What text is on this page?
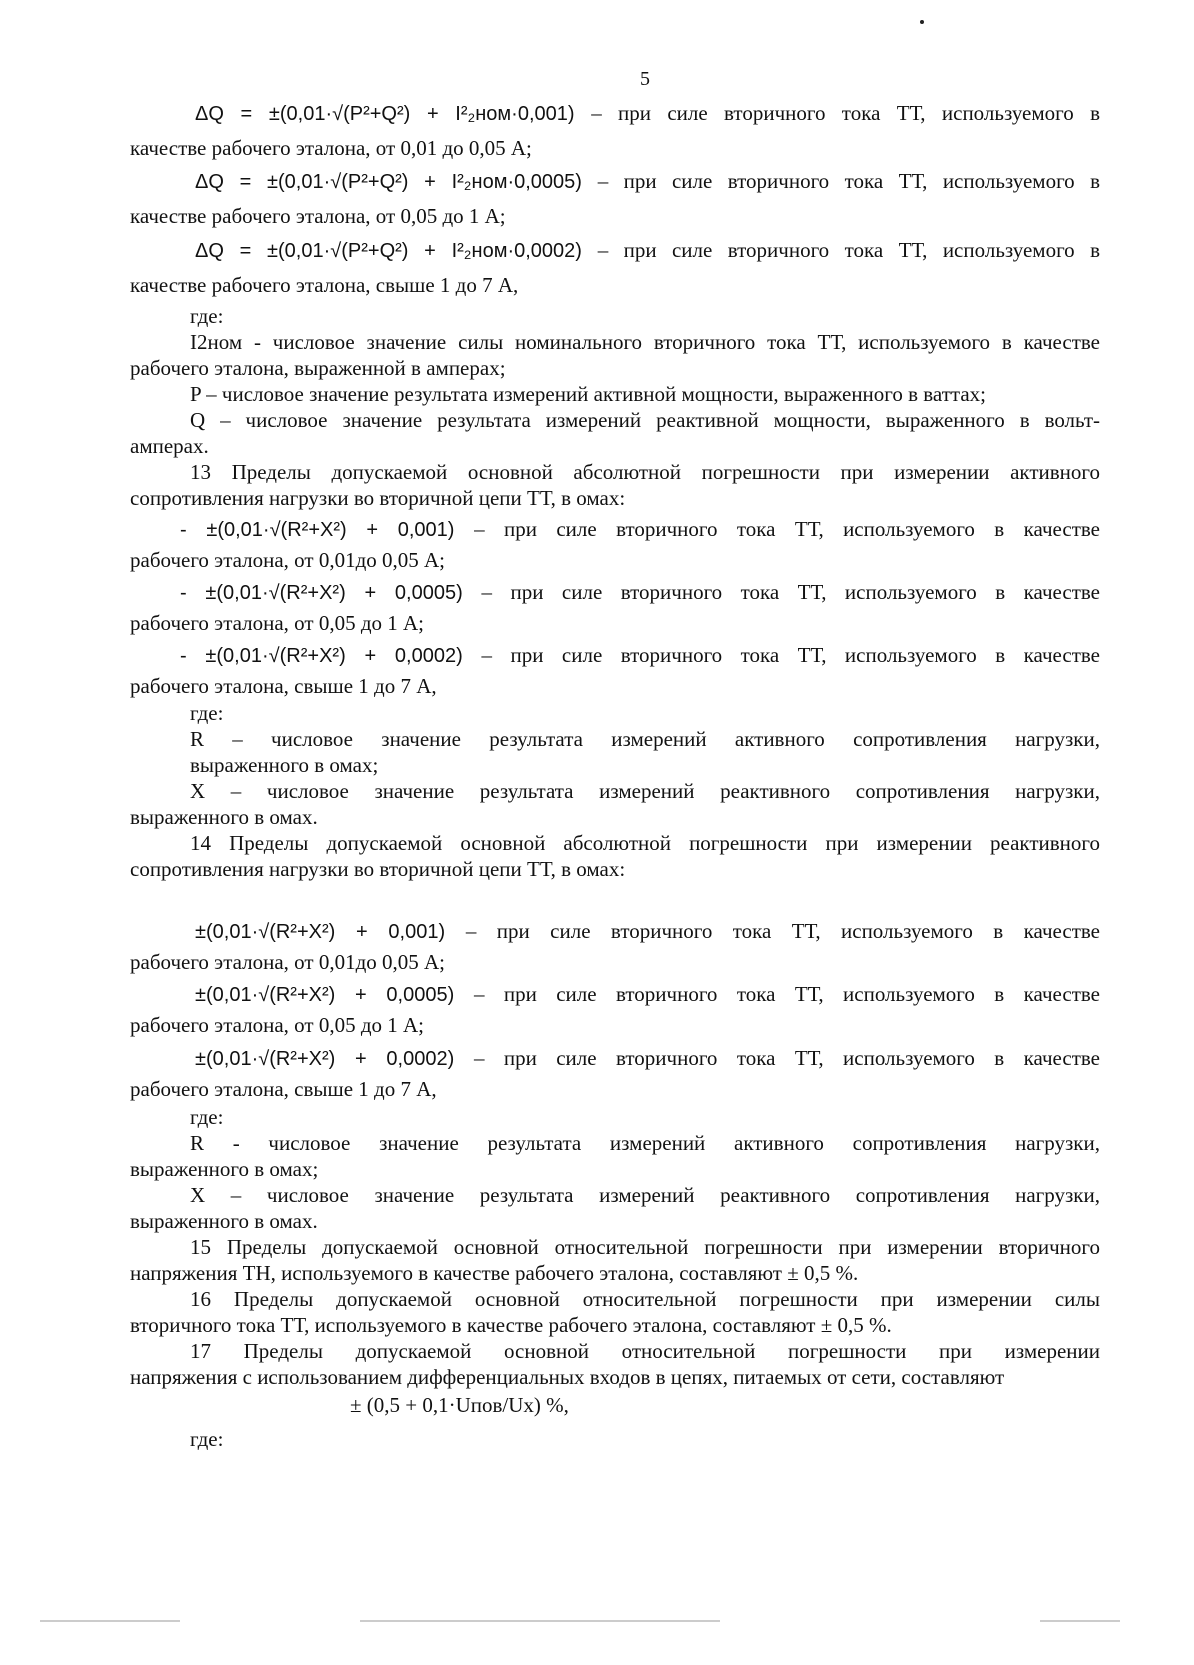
5
ΔQ = ±(0,01·√(P²+Q²) + I²₂ном·0,001) – при силе вторичного тока ТТ, используемого в
качестве рабочего эталона, от 0,01 до 0,05 А;
ΔQ = ±(0,01·√(P²+Q²) + I²₂ном·0,0005) – при силе вторичного тока ТТ, используемого в
качестве рабочего эталона, от 0,05 до 1 А;
ΔQ = ±(0,01·√(P²+Q²) + I²₂ном·0,0002) – при силе вторичного тока ТТ, используемого в
качестве рабочего эталона, свыше 1 до 7 А,
где:
I2ном - числовое значение силы номинального вторичного тока ТТ, используемого в качестве
рабочего эталона, выраженной в амперах;
P – числовое значение результата измерений активной мощности, выраженного в ваттах;
Q – числовое значение результата измерений реактивной мощности, выраженного в вольт-
амперах.
13 Пределы допускаемой основной абсолютной погрешности при измерении активного
сопротивления нагрузки во вторичной цепи ТТ, в омах:
- ±(0,01·√(R²+X²) + 0,001) – при силе вторичного тока ТТ, используемого в качестве
рабочего эталона, от 0,01до 0,05 А;
- ±(0,01·√(R²+X²) + 0,0005) – при силе вторичного тока ТТ, используемого в качестве
рабочего эталона, от 0,05 до 1 А;
- ±(0,01·√(R²+X²) + 0,0002) – при силе вторичного тока ТТ, используемого в качестве
рабочего эталона, свыше 1 до 7 А,
где:
R – числовое значение результата измерений активного сопротивления нагрузки,
выраженного в омах;
X – числовое значение результата измерений реактивного сопротивления нагрузки,
выраженного в омах.
14 Пределы допускаемой основной абсолютной погрешности при измерении реактивного
сопротивления нагрузки во вторичной цепи ТТ, в омах:
±(0,01·√(R²+X²) + 0,001) – при силе вторичного тока ТТ, используемого в качестве
рабочего эталона, от 0,01до 0,05 А;
±(0,01·√(R²+X²) + 0,0005) – при силе вторичного тока ТТ, используемого в качестве
рабочего эталона, от 0,05 до 1 А;
±(0,01·√(R²+X²) + 0,0002) – при силе вторичного тока ТТ, используемого в качестве
рабочего эталона, свыше 1 до 7 А,
где:
R - числовое значение результата измерений активного сопротивления нагрузки,
выраженного в омах;
X – числовое значение результата измерений реактивного сопротивления нагрузки,
выраженного в омах.
15 Пределы допускаемой основной относительной погрешности при измерении вторичного
напряжения ТН, используемого в качестве рабочего эталона, составляют ± 0,5 %.
16 Пределы допускаемой основной относительной погрешности при измерении силы
вторичного тока ТТ, используемого в качестве рабочего эталона, составляют ± 0,5 %.
17 Пределы допускаемой основной относительной погрешности при измерении
напряжения с использованием дифференциальных входов в цепях, питаемых от сети, составляют
± (0,5 + 0,1·Uпов/Ux) %,
где:
